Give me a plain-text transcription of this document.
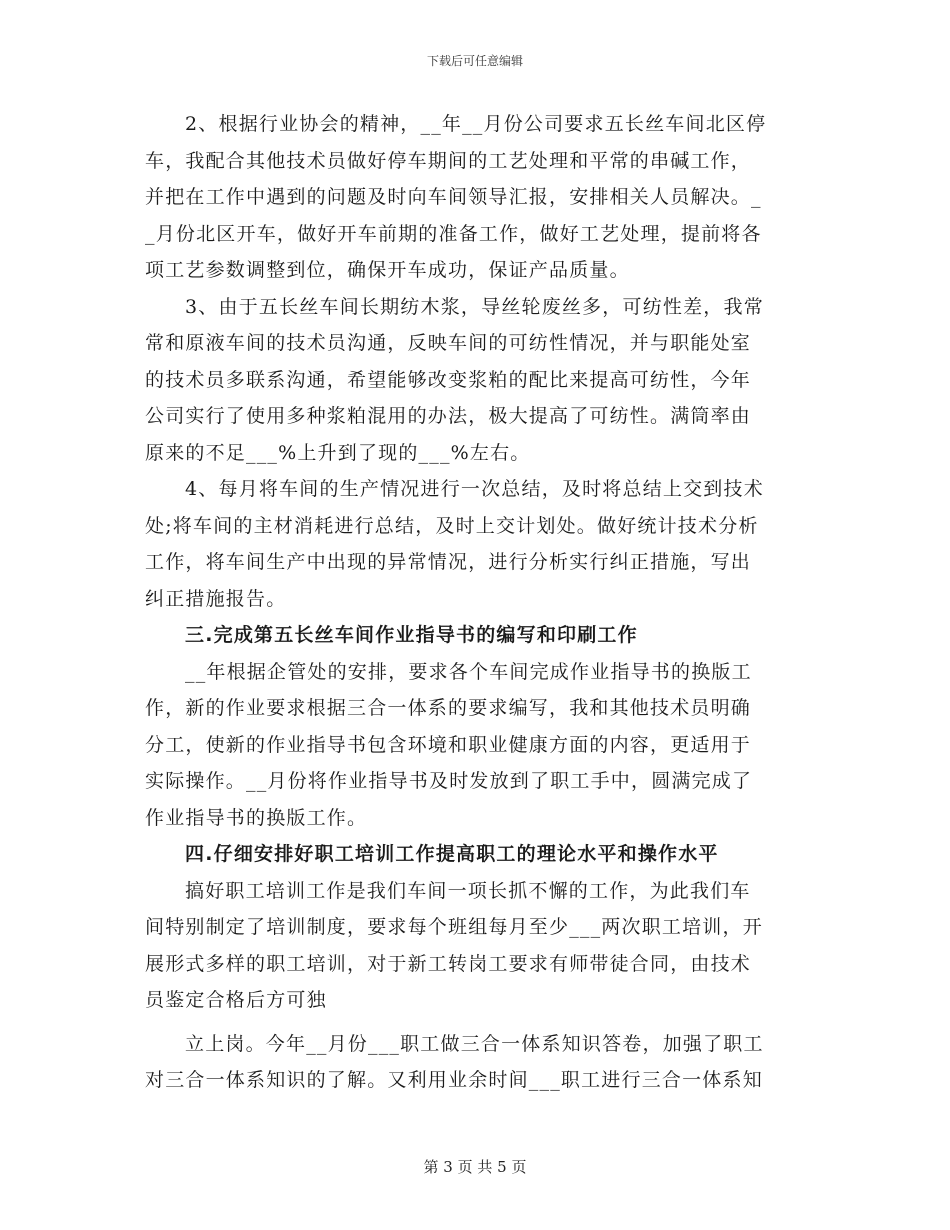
下载后可任意编辑

2、根据行业协会的精神，__年__月份公司要求五长丝车间北区停
车，我配合其他技术员做好停车期间的工艺处理和平常的串碱工作，
并把在工作中遇到的问题及时向车间领导汇报，安排相关人员解决。_
_月份北区开车，做好开车前期的准备工作，做好工艺处理，提前将各
项工艺参数调整到位，确保开车成功，保证产品质量。

3、由于五长丝车间长期纺木浆，导丝轮废丝多，可纺性差，我常
常和原液车间的技术员沟通，反映车间的可纺性情况，并与职能处室
的技术员多联系沟通，希望能够改变浆粕的配比来提高可纺性，今年
公司实行了使用多种浆粕混用的办法，极大提高了可纺性。满筒率由
原来的不足___%上升到了现的___%左右。

4、每月将车间的生产情况进行一次总结，及时将总结上交到技术
处;将车间的主材消耗进行总结，及时上交计划处。做好统计技术分析
工作，将车间生产中出现的异常情况，进行分析实行纠正措施，写出
纠正措施报告。

三.完成第五长丝车间作业指导书的编写和印刷工作

__年根据企管处的安排，要求各个车间完成作业指导书的换版工
作，新的作业要求根据三合一体系的要求编写，我和其他技术员明确
分工，使新的作业指导书包含环境和职业健康方面的内容，更适用于
实际操作。__月份将作业指导书及时发放到了职工手中，圆满完成了
作业指导书的换版工作。

四.仔细安排好职工培训工作提高职工的理论水平和操作水平

搞好职工培训工作是我们车间一项长抓不懈的工作，为此我们车
间特别制定了培训制度，要求每个班组每月至少___两次职工培训，开
展形式多样的职工培训，对于新工转岗工要求有师带徒合同，由技术
员鉴定合格后方可独

立上岗。今年__月份___职工做三合一体系知识答卷，加强了职工
对三合一体系知识的了解。又利用业余时间___职工进行三合一体系知

第 3 页 共 5 页
